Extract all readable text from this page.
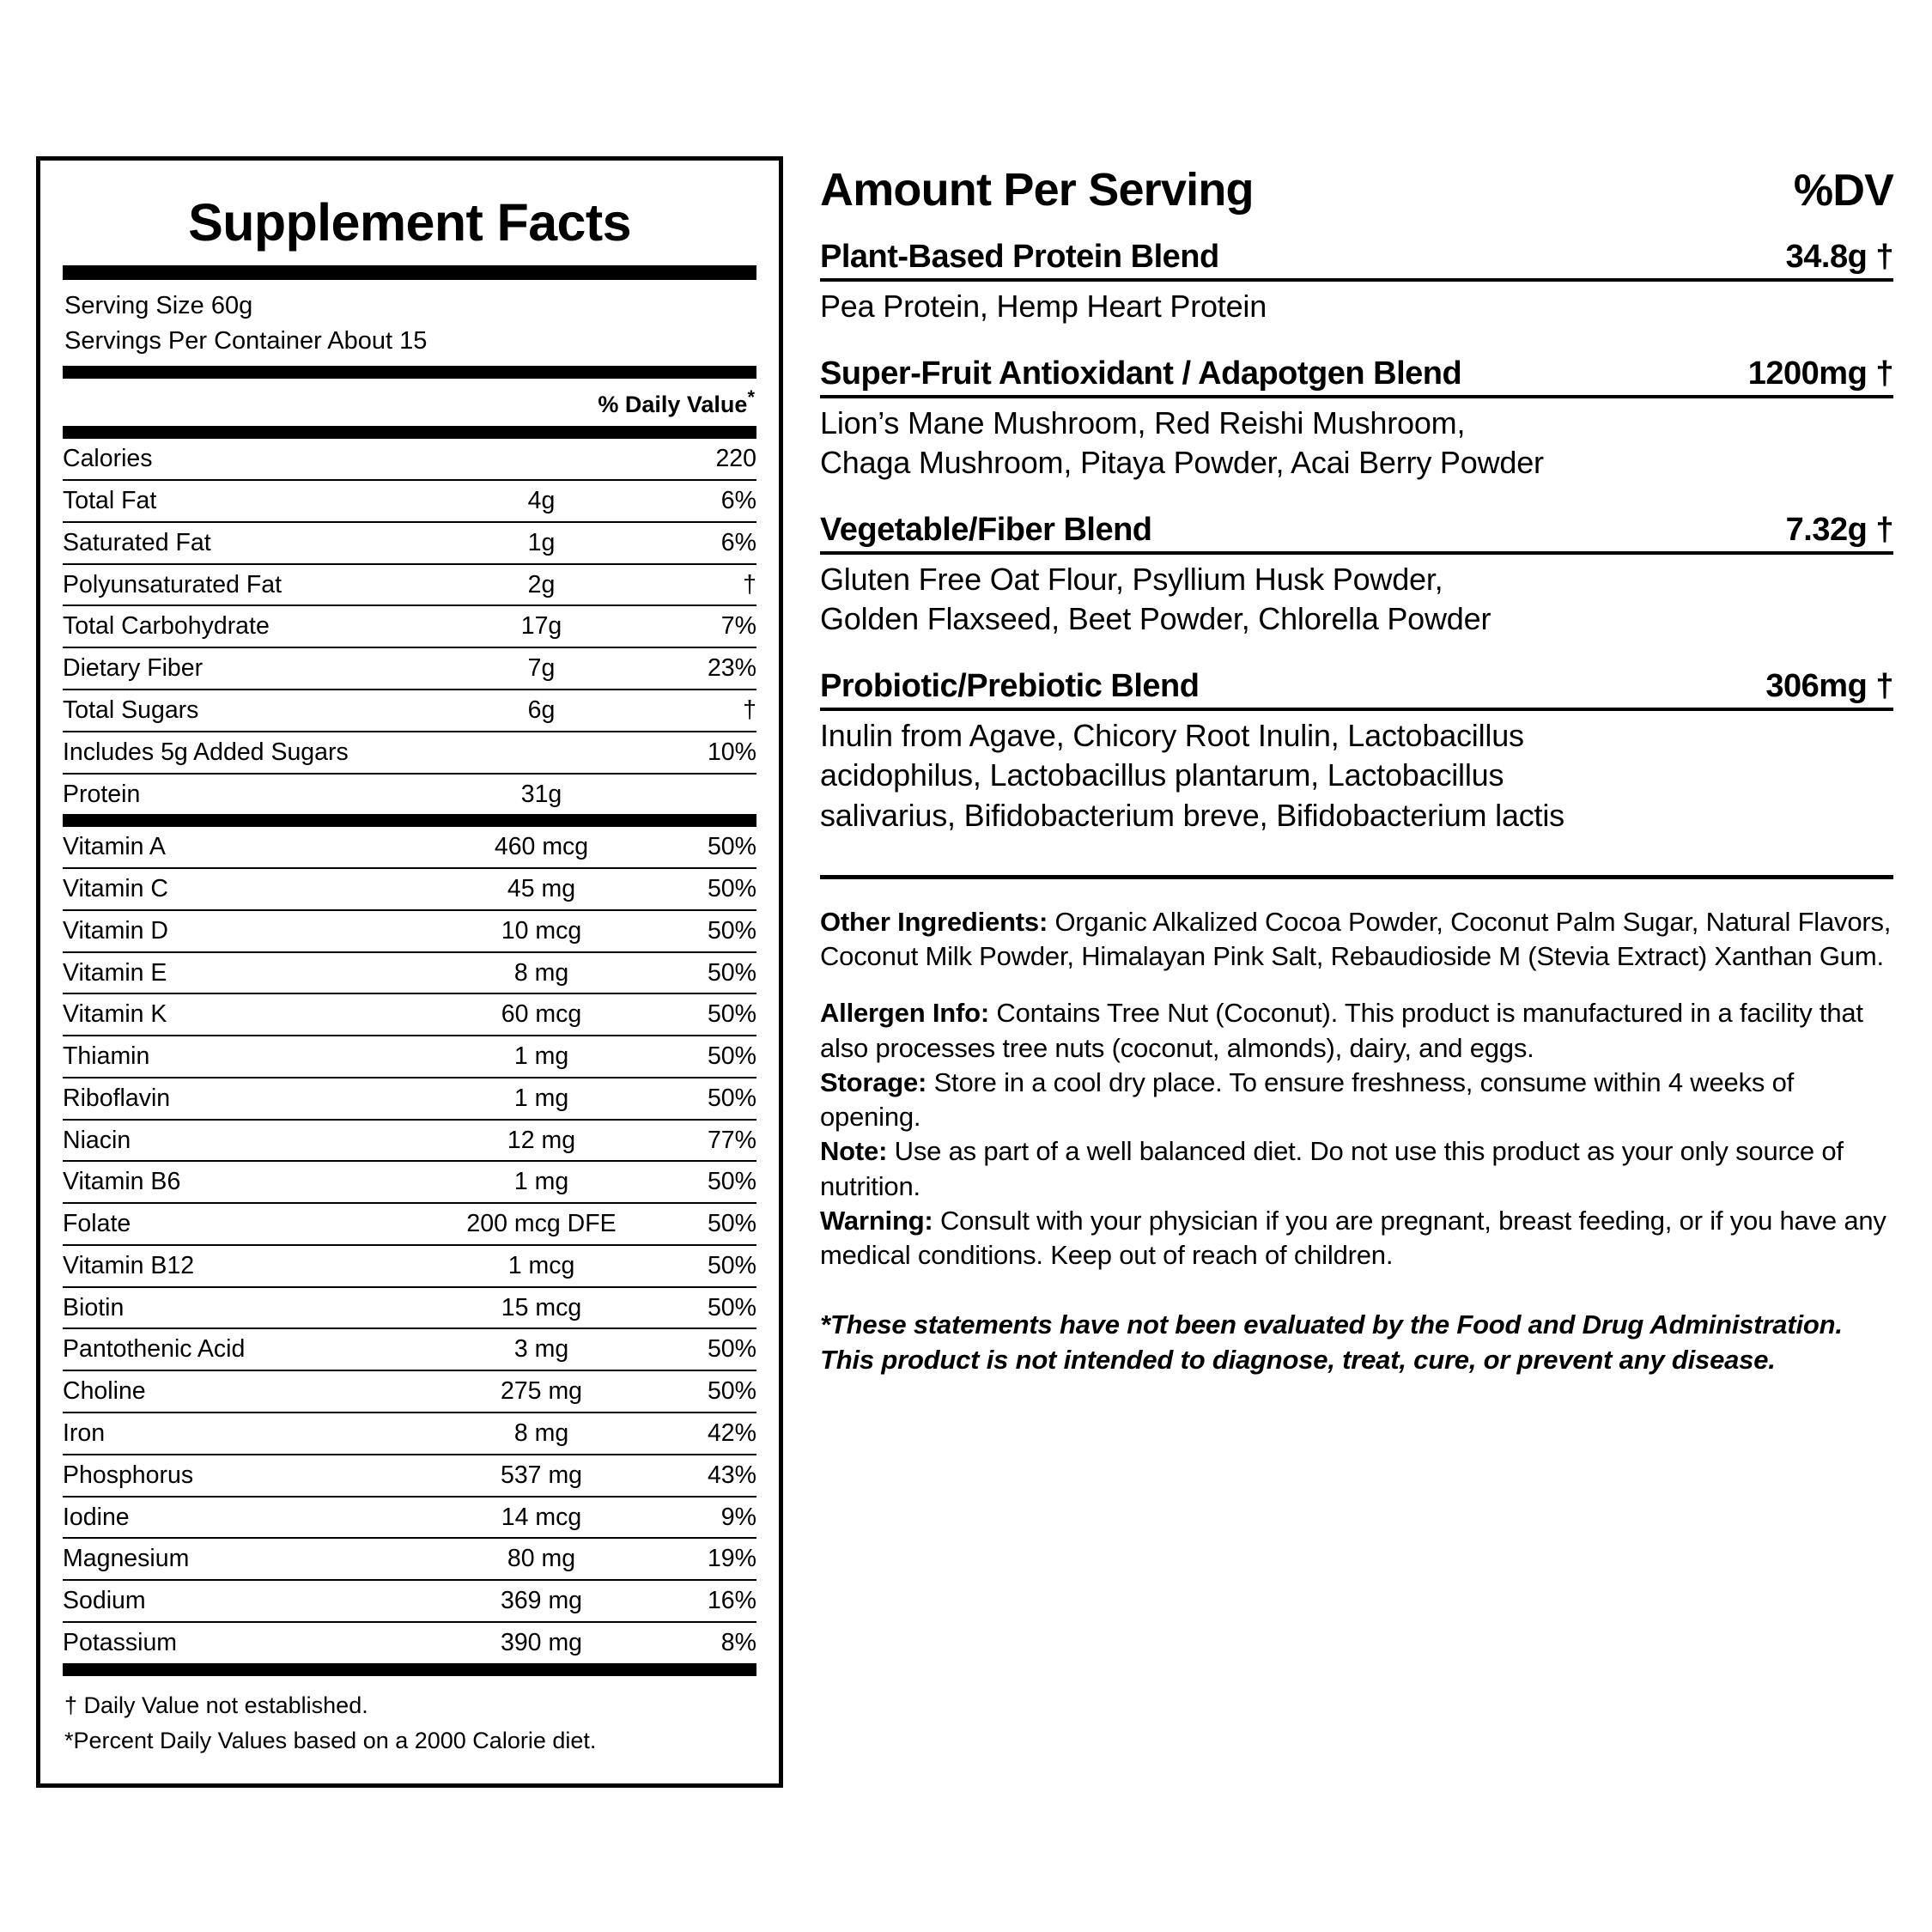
Supplement Facts
Serving Size 60g
Servings Per Container About 15
% Daily Value*
Calories		220
Total Fat	4g	6%
Saturated Fat	1g	6%
Polyunsaturated Fat	2g	†
Total Carbohydrate	17g	7%
Dietary Fiber	7g	23%
Total Sugars	6g	†
Includes 5g Added Sugars		10%
Protein	31g	
Vitamin A	460 mcg	50%
Vitamin C	45 mg	50%
Vitamin D	10 mcg	50%
Vitamin E	8 mg	50%
Vitamin K	60 mcg	50%
Thiamin	1 mg	50%
Riboflavin	1 mg	50%
Niacin	12 mg	77%
Vitamin B6	1 mg	50%
Folate	200 mcg DFE	50%
Vitamin B12	1 mcg	50%
Biotin	15 mcg	50%
Pantothenic Acid	3 mg	50%
Choline	275 mg	50%
Iron	8 mg	42%
Phosphorus	537 mg	43%
Iodine	14 mcg	9%
Magnesium	80 mg	19%
Sodium	369 mg	16%
Potassium	390 mg	8%
† Daily Value not established.
*Percent Daily Values based on a 2000 Calorie diet.
Amount Per Serving	%DV
Plant-Based Protein Blend	34.8g †
Pea Protein, Hemp Heart Protein
Super-Fruit Antioxidant / Adapotgen Blend	1200mg †
Lion’s Mane Mushroom, Red Reishi Mushroom,
Chaga Mushroom, Pitaya Powder, Acai Berry Powder
Vegetable/Fiber Blend	7.32g †
Gluten Free Oat Flour, Psyllium Husk Powder,
Golden Flaxseed, Beet Powder, Chlorella Powder
Probiotic/Prebiotic Blend	306mg †
Inulin from Agave, Chicory Root Inulin, Lactobacillus
acidophilus, Lactobacillus plantarum, Lactobacillus
salivarius, Bifidobacterium breve, Bifidobacterium lactis
Other Ingredients: Organic Alkalized Cocoa Powder, Coconut Palm Sugar, Natural Flavors, Coconut Milk Powder, Himalayan Pink Salt, Rebaudioside M (Stevia Extract) Xanthan Gum.
Allergen Info: Contains Tree Nut (Coconut). This product is manufactured in a facility that also processes tree nuts (coconut, almonds), dairy, and eggs.
Storage: Store in a cool dry place. To ensure freshness, consume within 4 weeks of opening.
Note: Use as part of a well balanced diet. Do not use this product as your only source of nutrition.
Warning: Consult with your physician if you are pregnant, breast feeding, or if you have any medical conditions. Keep out of reach of children.
*These statements have not been evaluated by the Food and Drug Administration. This product is not intended to diagnose, treat, cure, or prevent any disease.
